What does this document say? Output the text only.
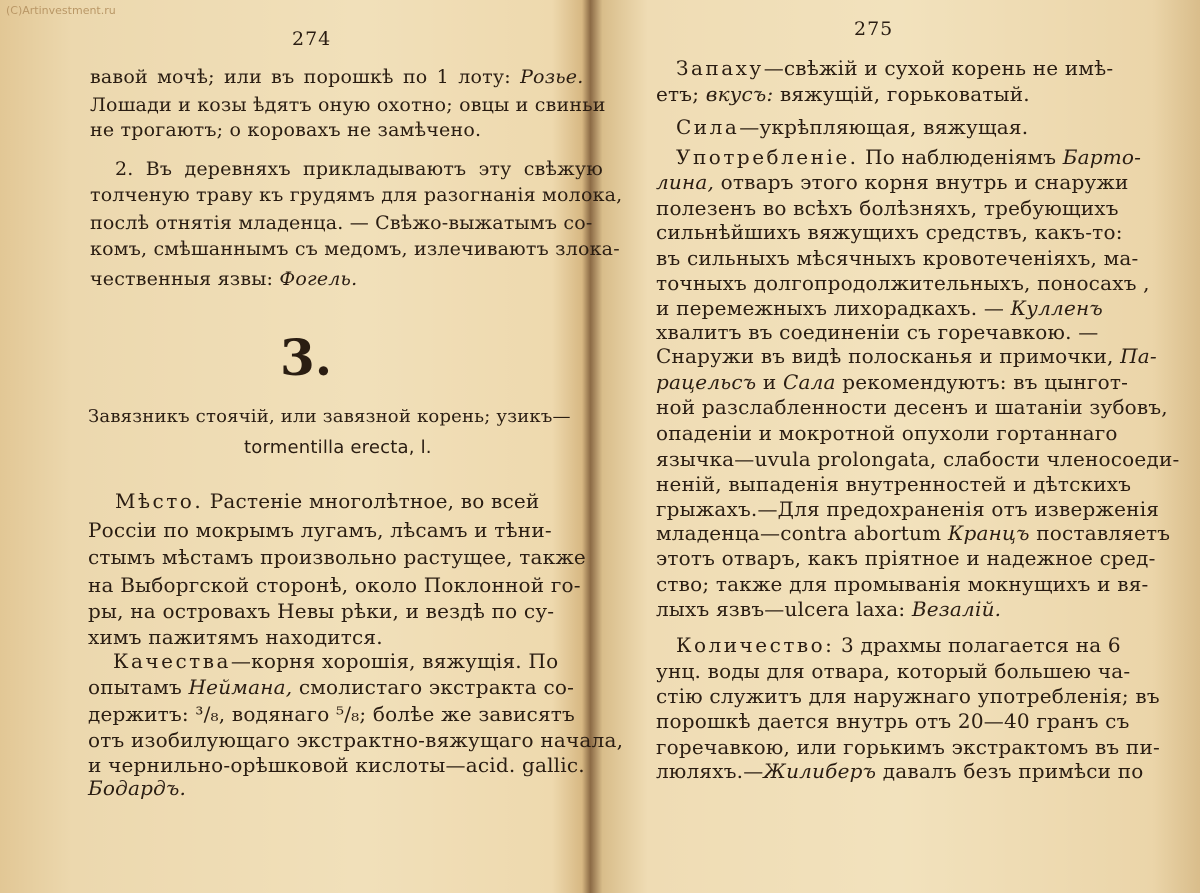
(C)Artinvestment.ru
274
вавой мочѣ; или въ порошкѣ по 1 лоту: Розье.
Лошади и козы ѣдятъ оную охотно; овцы и свиньи
не трогаютъ; о коровахъ не замѣчено.
2. Въ деревняхъ прикладываютъ эту свѣжую
толченую траву къ грудямъ для разогнанія молока,
послѣ отнятія младенца. — Свѣжо-выжатымъ со-
комъ, смѣшаннымъ съ медомъ, излечиваютъ злока-
чественныя язвы: Фогель.
3.
Завязникъ стоячій, или завязной корень; узикъ—
tormentilla erecta, l.
Мѣсто. Растеніе многолѣтное, во всей
Россіи по мокрымъ лугамъ, лѣсамъ и тѣни-
стымъ мѣстамъ произвольно растущее, также
на Выборгской сторонѣ, около Поклонной го-
ры, на островахъ Невы рѣки, и вездѣ по су-
химъ пажитямъ находится.
Качества—корня хорошія, вяжущія. По
опытамъ Неймана, смолистаго экстракта со-
держитъ: ³/₈, водянаго ⁵/₈; болѣе же зависятъ
отъ изобилующаго экстрактно-вяжущаго начала,
и чернильно-орѣшковой кислоты—acid. gallic.
Бодардъ.
275
Запаху—свѣжій и сухой корень не имѣ-
етъ; вкусъ: вяжущій, горьковатый.
Сила—укрѣпляющая, вяжущая.
Употребленіе. По наблюденіямъ Барто-
лина, отваръ этого корня внутрь и снаружи
полезенъ во всѣхъ болѣзняхъ, требующихъ
сильнѣйшихъ вяжущихъ средствъ, какъ-то:
въ сильныхъ мѣсячныхъ кровотеченіяхъ, ма-
точныхъ долгопродолжительныхъ, поносахъ ,
и перемежныхъ лихорадкахъ. — Кулленъ
хвалитъ въ соединеніи съ горечавкою. —
Снаружи въ видѣ полосканья и примочки, Па-
рацельсъ и Сала рекомендуютъ: въ цынгот-
ной разслабленности десенъ и шатаніи зубовъ,
опаденіи и мокротной опухоли гортаннаго
язычка—uvula prolongata, слабости членосоеди-
неній, выпаденія внутренностей и дѣтскихъ
грыжахъ.—Для предохраненія отъ изверженія
младенца—contra abortum Кранцъ поставляетъ
этотъ отваръ, какъ пріятное и надежное сред-
ство; также для промыванія мокнущихъ и вя-
лыхъ язвъ—ulcera laxa: Везалій.
Количество: 3 драхмы полагается на 6
унц. воды для отвара, который большею ча-
стію служитъ для наружнаго употребленія; въ
порошкѣ дается внутрь отъ 20—40 гранъ съ
горечавкою, или горькимъ экстрактомъ въ пи-
люляхъ.—Жилиберъ давалъ безъ примѣси по
